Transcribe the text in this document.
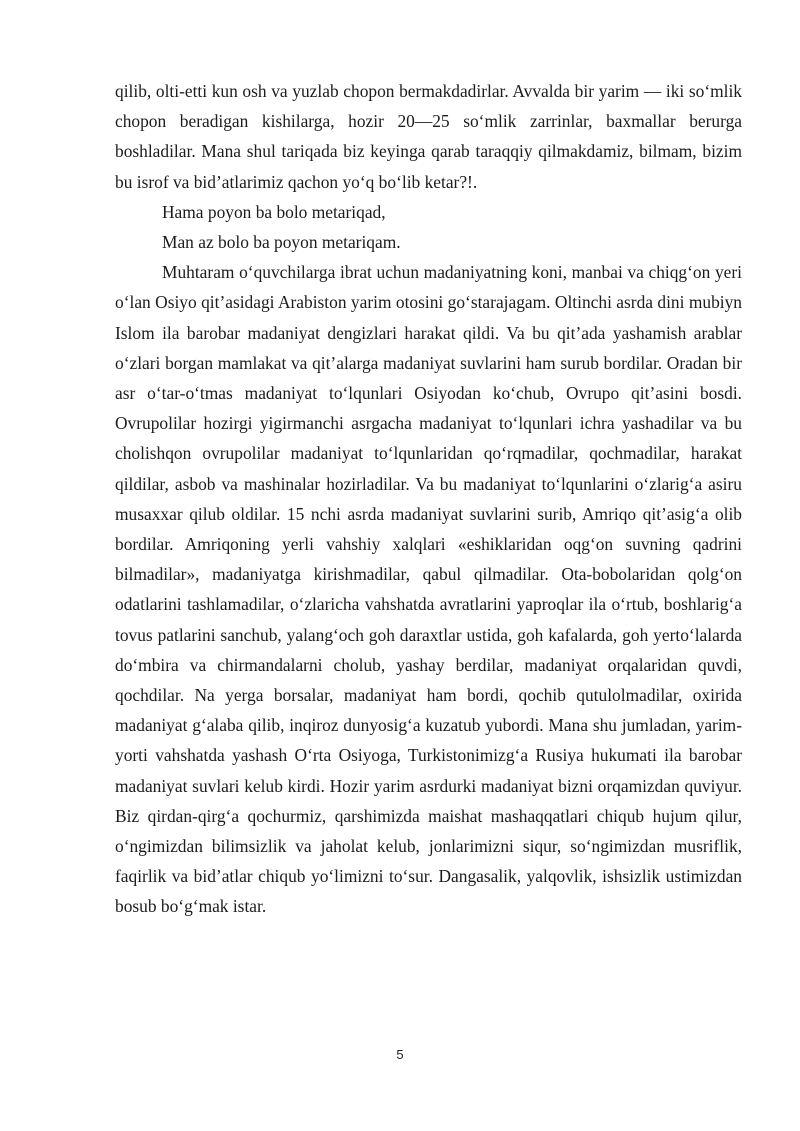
qilib, olti-etti kun osh va yuzlab chopon bermakdadirlar. Avvalda bir yarim — iki so‘mlik chopon beradigan kishilarga, hozir 20—25 so‘mlik zarrinlar, baxmallar berurga boshladilar. Mana shul tariqada biz keyinga qarab taraqqiy qilmakdamiz, bilmam, bizim bu isrof va bid’atlarimiz qachon yo‘q bo‘lib ketar?!.

Hama poyon ba bolo metariqad,

Man az bolo ba poyon metariqam.

Muhtaram o‘quvchilarga ibrat uchun madaniyatning koni, manbai va chiqg‘on yeri o‘lan Osiyo qit’asidagi Arabiston yarim otosini go‘starajagam. Oltinchi asrda dini mubiyn Islom ila barobar madaniyat dengizlari harakat qildi. Va bu qit’ada yashamish arablar o‘zlari borgan mamlakat va qit’alarga madaniyat suvlarini ham surub bordilar. Oradan bir asr o‘tar-o‘tmas madaniyat to‘lqunlari Osiyodan ko‘chub, Ovrupo qit’asini bosdi. Ovrupolilar hozirgi yigirmanchi asrgacha madaniyat to‘lqunlari ichra yashadilar va bu cholishqon ovrupolilar madaniyat to‘lqunlaridan qo‘rqmadilar, qochmadilar, harakat qildilar, asbob va mashinalar hozirladilar. Va bu madaniyat to‘lqunlarini o‘zlarig‘a asiru musaxxar qilub oldilar. 15 nchi asrda madaniyat suvlarini surib, Amriqo qit’asig‘a olib bordilar. Amriqoning yerli vahshiy xalqlari «eshiklaridan oqg‘on suvning qadrini bilmadilar», madaniyatga kirishmadilar, qabul qilmadilar. Ota-bobolaridan qolg‘on odatlarini tashlamadilar, o‘zlaricha vahshatda avratlarini yaproqlar ila o‘rtub, boshlarig‘a tovus patlarini sanchub, yalang‘och goh daraxtlar ustida, goh kafalarda, goh yerto‘lalarda do‘mbira va chirmandalarni cholub, yashay berdilar, madaniyat orqalaridan quvdi, qochdilar. Na yerga borsalar, madaniyat ham bordi, qochib qutulolmadilar, oxirida madaniyat g‘alaba qilib, inqiroz dunyosig‘a kuzatub yubordi. Mana shu jumladan, yarim-yorti vahshatda yashash O‘rta Osiyoga, Turkistonimizg‘a Rusiya hukumati ila barobar madaniyat suvlari kelub kirdi. Hozir yarim asrdurki madaniyat bizni orqamizdan quviyur. Biz qirdan-qirg‘a qochurmiz, qarshimizda maishat mashaqqatlari chiqub hujum qilur, o‘ngimizdan bilimsizlik va jaholat kelub, jonlarimizni siqur, so‘ngimizdan musriflik, faqirlik va bid’atlar chiqub yo‘limizni to‘sur. Dangasalik, yalqovlik, ishsizlik ustimizdan bosub bo‘g‘mak istar.

5
